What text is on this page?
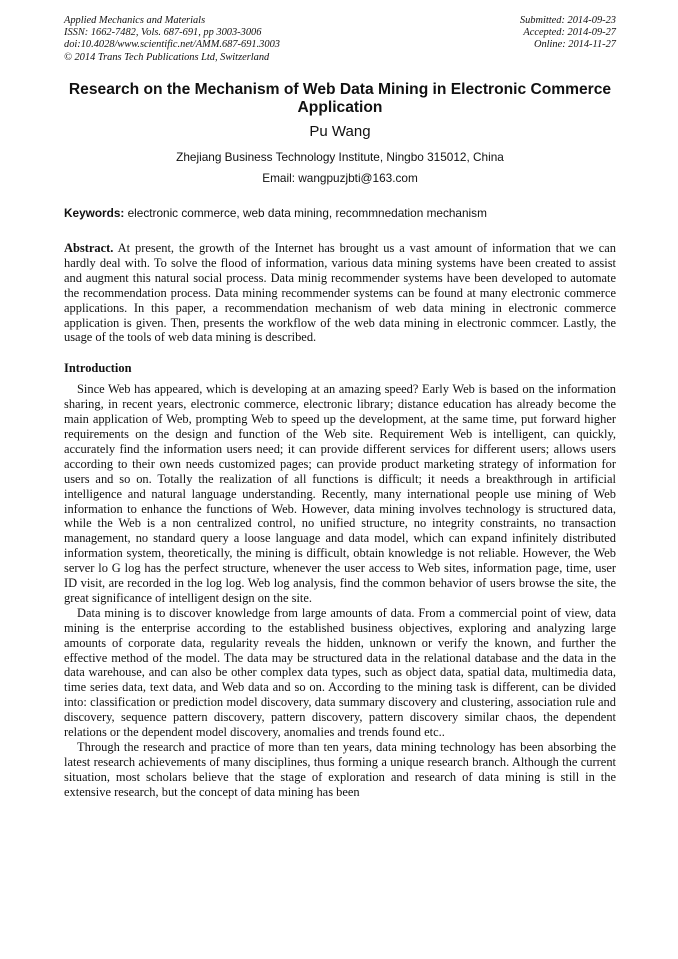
Applied Mechanics and Materials
ISSN: 1662-7482, Vols. 687-691, pp 3003-3006
doi:10.4028/www.scientific.net/AMM.687-691.3003
© 2014 Trans Tech Publications Ltd, Switzerland
Submitted: 2014-09-23
Accepted: 2014-09-27
Online: 2014-11-27
Research on the Mechanism of Web Data Mining in Electronic Commerce Application
Pu Wang
Zhejiang Business Technology Institute, Ningbo 315012, China
Email: wangpuzjbti@163.com
Keywords: electronic commerce, web data mining, recommnedation mechanism

Abstract. At present, the growth of the Internet has brought us a vast amount of information that we can hardly deal with. To solve the flood of information, various data mining systems have been created to assist and augment this natural social process. Data minig recommender systems have been developed to automate the recommendation process. Data mining recommender systems can be found at many electronic commerce applications. In this paper, a recommendation mechanism of web data mining in electronic commerce application is given. Then, presents the workflow of the web data mining in electronic commcer. Lastly, the usage of the tools of web data mining is described.

Introduction

Since Web has appeared, which is developing at an amazing speed? Early Web is based on the information sharing, in recent years, electronic commerce, electronic library; distance education has already become the main application of Web, prompting Web to speed up the development, at the same time, put forward higher requirements on the design and function of the Web site. Requirement Web is intelligent, can quickly, accurately find the information users need; it can provide different services for different users; allows users according to their own needs customized pages; can provide product marketing strategy of information for users and so on. Totally the realization of all functions is difficult; it needs a breakthrough in artificial intelligence and natural language understanding. Recently, many international people use mining of Web information to enhance the functions of Web. However, data mining involves technology is structured data, while the Web is a non centralized control, no unified structure, no integrity constraints, no transaction management, no standard query a loose language and data model, which can expand infinitely distributed information system, theoretically, the mining is difficult, obtain knowledge is not reliable. However, the Web server lo G log has the perfect structure, whenever the user access to Web sites, information page, time, user ID visit, are recorded in the log log. Web log analysis, find the common behavior of users browse the site, the great significance of intelligent design on the site.

Data mining is to discover knowledge from large amounts of data. From a commercial point of view, data mining is the enterprise according to the established business objectives, exploring and analyzing large amounts of corporate data, regularity reveals the hidden, unknown or verify the known, and further the effective method of the model. The data may be structured data in the relational database and the data in the data warehouse, and can also be other complex data types, such as object data, spatial data, multimedia data, time series data, text data, and Web data and so on. According to the mining task is different, can be divided into: classification or prediction model discovery, data summary discovery and clustering, association rule and discovery, sequence pattern discovery, pattern discovery, pattern discovery similar chaos, the dependent relations or the dependent model discovery, anomalies and trends found etc..

Through the research and practice of more than ten years, data mining technology has been absorbing the latest research achievements of many disciplines, thus forming a unique research branch. Although the current situation, most scholars believe that the stage of exploration and research of data mining is still in the extensive research, but the concept of data mining has been
